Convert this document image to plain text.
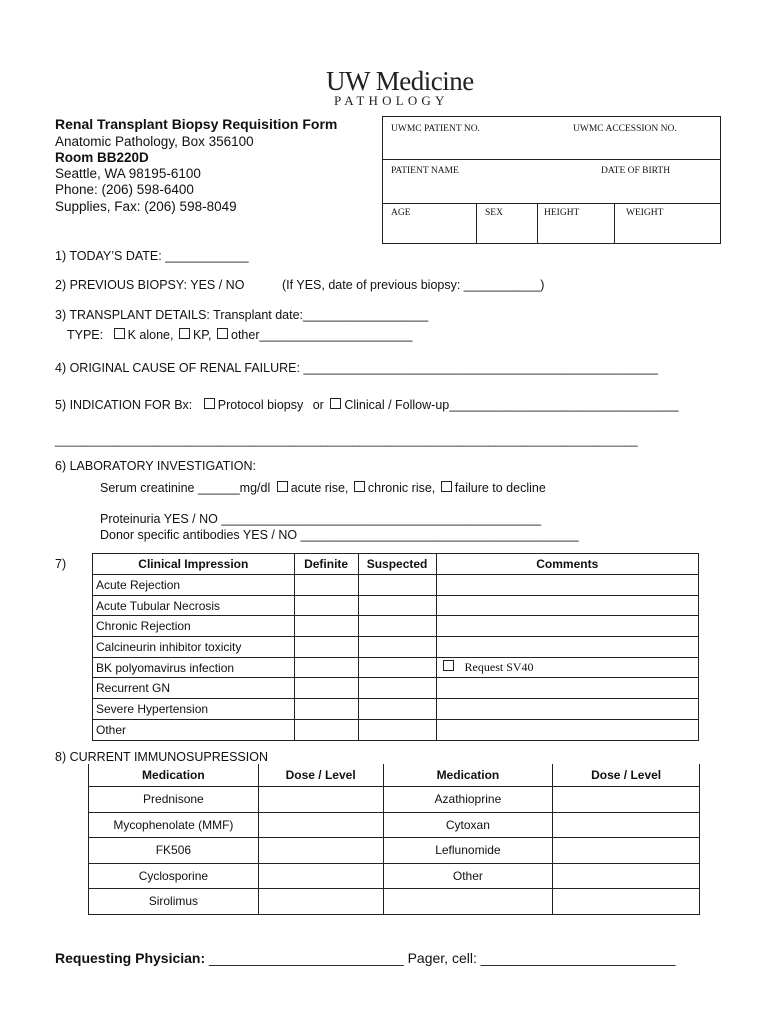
UW Medicine
PATHOLOGY
Renal Transplant Biopsy Requisition Form
Anatomic Pathology, Box 356100
Room BB220D
Seattle, WA 98195-6100
Phone: (206) 598-6400
Supplies, Fax: (206) 598-8049
UWMC PATIENT NO.	UWMC ACCESSION NO.
PATIENT NAME	DATE OF BIRTH
AGE	SEX	HEIGHT	WEIGHT
1) TODAY’S DATE: ____________
2) PREVIOUS BIOPSY: YES / NO	(If YES, date of previous biopsy: ___________)
3) TRANSPLANT DETAILS: Transplant date:__________________
TYPE: K alone, KP, other______________________
4) ORIGINAL CAUSE OF RENAL FAILURE: ___________________________________________________
5) INDICATION FOR Bx: Protocol biopsy or Clinical / Follow-up_________________________________
__________________________________________________________________________________________
6) LABORATORY INVESTIGATION:
Serum creatinine ______mg/dl acute rise, chronic rise, failure to decline
Proteinuria YES / NO ______________________________________________
Donor specific antibodies YES / NO ________________________________________
7)	Clinical Impression	Definite	Suspected	Comments
Acute Rejection			
Acute Tubular Necrosis			
Chronic Rejection			
Calcineurin inhibitor toxicity			
BK polyomavirus infection			Request SV40
Recurrent GN			
Severe Hypertension			
Other			
8) CURRENT IMMUNOSUPRESSION
Medication	Dose / Level	Medication	Dose / Level
Prednisone		Azathioprine	
Mycophenolate (MMF)		Cytoxan	
FK506		Leflunomide	
Cyclosporine		Other	
Sirolimus			
Requesting Physician: _________________________ Pager, cell: _________________________
